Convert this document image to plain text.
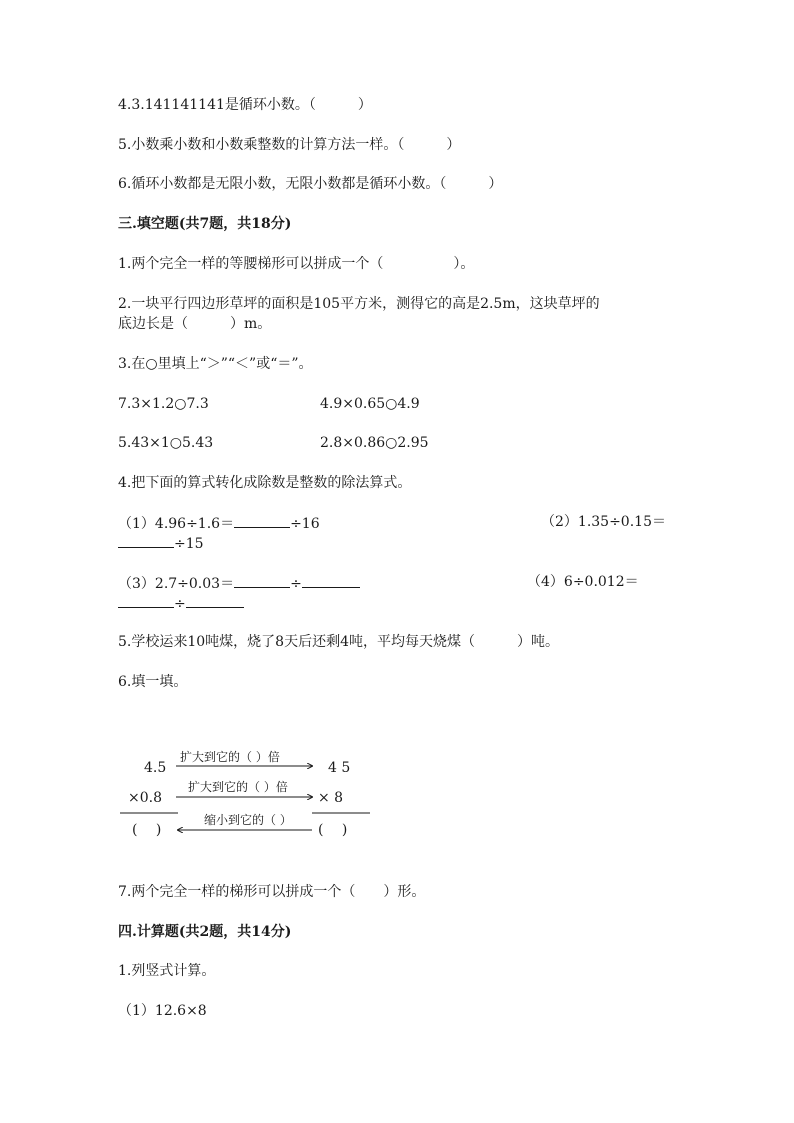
4.3.141141141是循环小数。（　　　）
5.小数乘小数和小数乘整数的计算方法一样。（　　　）
6.循环小数都是无限小数，无限小数都是循环小数。（　　　）
三.填空题(共7题，共18分)
1.两个完全一样的等腰梯形可以拼成一个（　　　　　）。
2.一块平行四边形草坪的面积是105平方米，测得它的高是2.5m，这块草坪的
底边长是（　　　）m。
3.在○里填上“＞”“＜”或“＝”。
7.3×1.2○7.3	4.9×0.65○4.9
5.43×1○5.43	2.8×0.86○2.95
4.把下面的算式转化成除数是整数的除法算式。
（1）4.96÷1.6＝	÷16	（2）1.35÷0.15＝
÷15
（3）2.7÷0.03＝	÷	（4）6÷0.012＝
÷
5.学校运来10吨煤，烧了8天后还剩4吨，平均每天烧煤（　　　）吨。
6.填一填。
4.5
×0.8
(　 )
4 5
× 8
(　 )
扩大到它的（ ）倍
扩大到它的（ ）倍
缩小到它的（ ）
7.两个完全一样的梯形可以拼成一个（　　）形。
四.计算题(共2题，共14分)
1.列竖式计算。
（1）12.6×8
